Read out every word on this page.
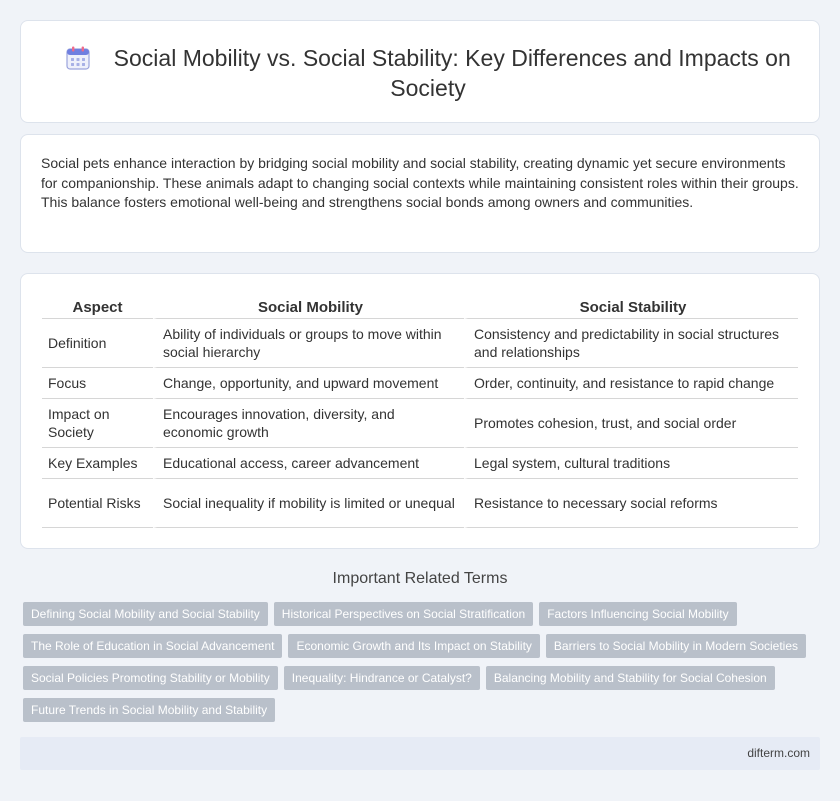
Social Mobility vs. Social Stability: Key Differences and Impacts on Society

Social pets enhance interaction by bridging social mobility and social stability, creating dynamic yet secure environments for companionship. These animals adapt to changing social contexts while maintaining consistent roles within their groups. This balance fosters emotional well-being and strengthens social bonds among owners and communities.

Aspect	Social Mobility	Social Stability
Definition	Ability of individuals or groups to move within social hierarchy	Consistency and predictability in social structures and relationships
Focus	Change, opportunity, and upward movement	Order, continuity, and resistance to rapid change
Impact on Society	Encourages innovation, diversity, and economic growth	Promotes cohesion, trust, and social order
Key Examples	Educational access, career advancement	Legal system, cultural traditions
Potential Risks	Social inequality if mobility is limited or unequal	Resistance to necessary social reforms
Important Related Terms
Defining Social Mobility and Social Stability Historical Perspectives on Social Stratification Factors Influencing Social Mobility
The Role of Education in Social Advancement Economic Growth and Its Impact on Stability Barriers to Social Mobility in Modern Societies
Social Policies Promoting Stability or Mobility Inequality: Hindrance or Catalyst? Balancing Mobility and Stability for Social Cohesion
Future Trends in Social Mobility and Stability
difterm.com
